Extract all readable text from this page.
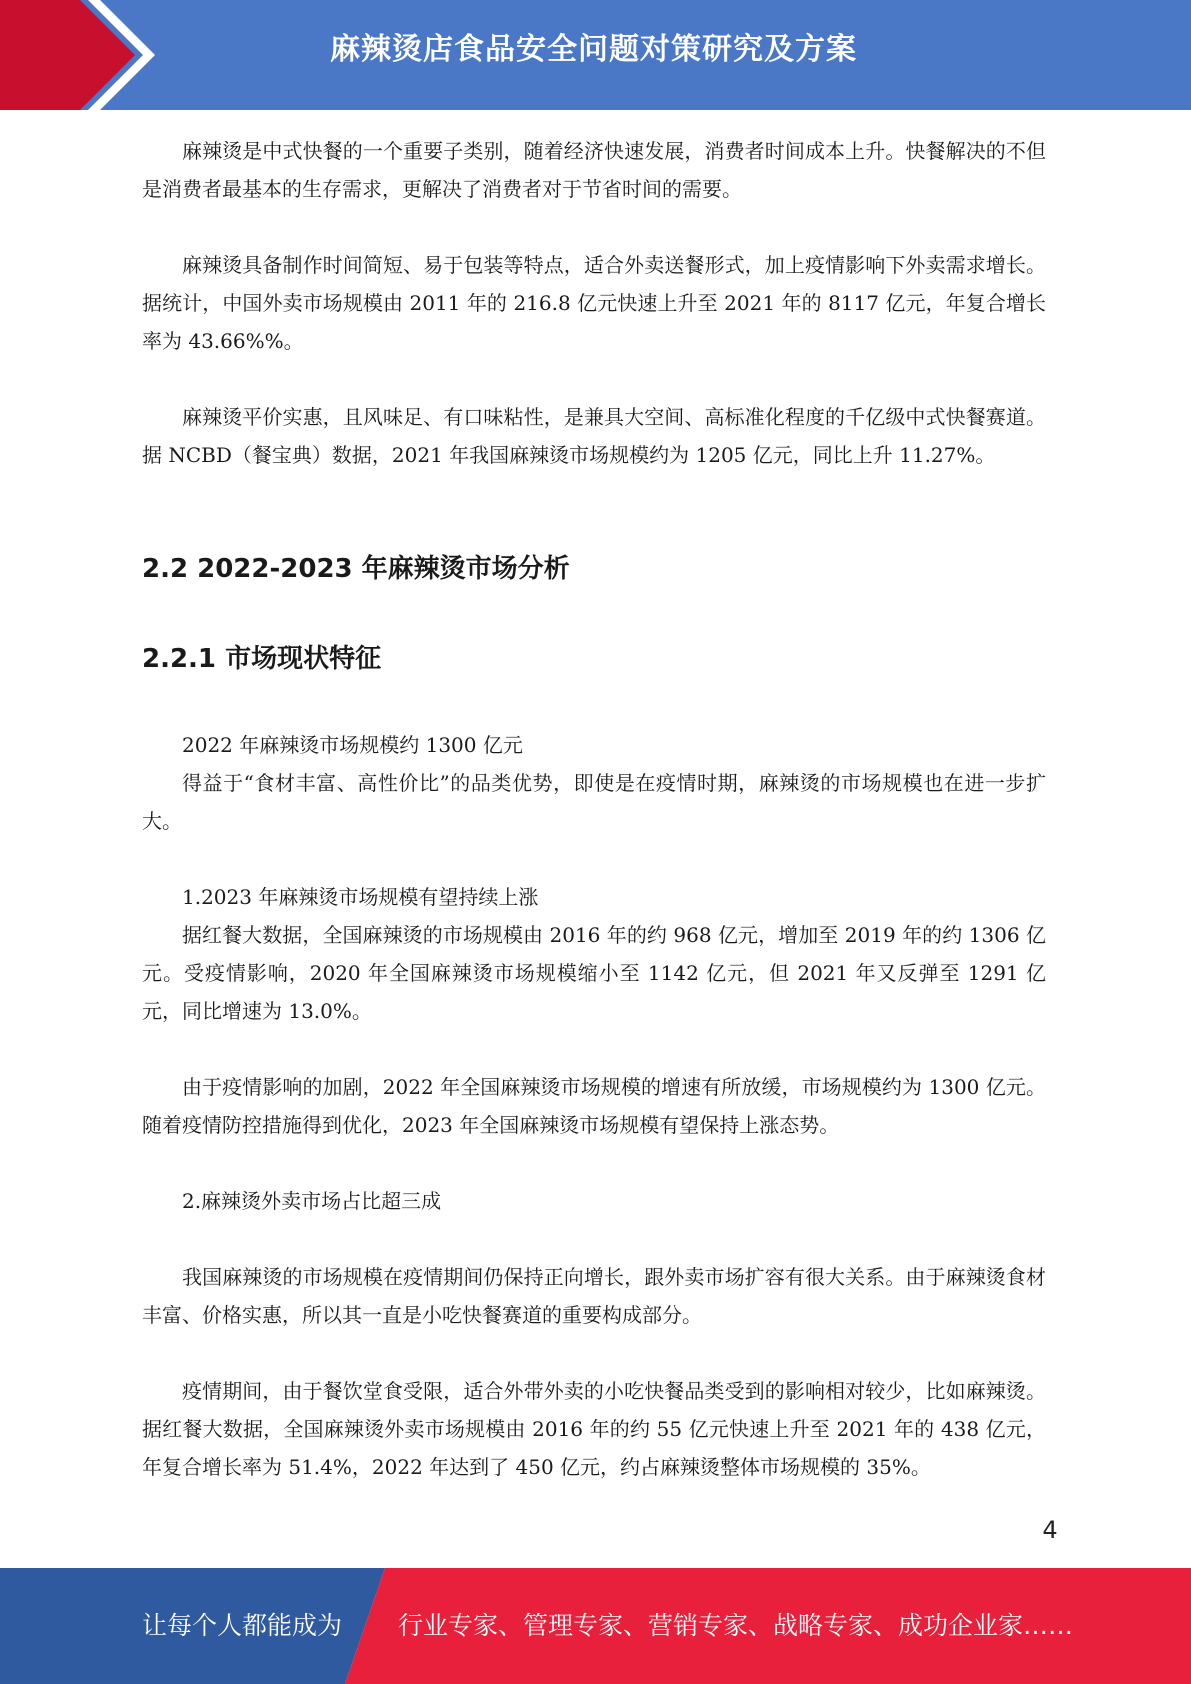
麻辣烫店食品安全问题对策研究及方案

麻辣烫是中式快餐的一个重要子类别，随着经济快速发展，消费者时间成本上升。快餐解决的不但是消费者最基本的生存需求，更解决了消费者对于节省时间的需要。

麻辣烫具备制作时间简短、易于包装等特点，适合外卖送餐形式，加上疫情影响下外卖需求增长。据统计，中国外卖市场规模由 2011 年的 216.8 亿元快速上升至 2021 年的 8117 亿元，年复合增长率为 43.66%%。

麻辣烫平价实惠，且风味足、有口味粘性，是兼具大空间、高标准化程度的千亿级中式快餐赛道。据 NCBD（餐宝典）数据，2021 年我国麻辣烫市场规模约为 1205 亿元，同比上升 11.27%。

2.2 2022-2023 年麻辣烫市场分析
2.2.1 市场现状特征

2022 年麻辣烫市场规模约 1300 亿元

得益于“食材丰富、高性价比”的品类优势，即使是在疫情时期，麻辣烫的市场规模也在进一步扩大。

1.2023 年麻辣烫市场规模有望持续上涨

据红餐大数据，全国麻辣烫的市场规模由 2016 年的约 968 亿元，增加至 2019 年的约 1306 亿元。受疫情影响，2020 年全国麻辣烫市场规模缩小至 1142 亿元，但 2021 年又反弹至 1291 亿元，同比增速为 13.0%。

由于疫情影响的加剧，2022 年全国麻辣烫市场规模的增速有所放缓，市场规模约为 1300 亿元。随着疫情防控措施得到优化，2023 年全国麻辣烫市场规模有望保持上涨态势。

2.麻辣烫外卖市场占比超三成

我国麻辣烫的市场规模在疫情期间仍保持正向增长，跟外卖市场扩容有很大关系。由于麻辣烫食材丰富、价格实惠，所以其一直是小吃快餐赛道的重要构成部分。

疫情期间，由于餐饮堂食受限，适合外带外卖的小吃快餐品类受到的影响相对较少，比如麻辣烫。据红餐大数据，全国麻辣烫外卖市场规模由 2016 年的约 55 亿元快速上升至 2021 年的 438 亿元，年复合增长率为 51.4%，2022 年达到了 450 亿元，约占麻辣烫整体市场规模的 35%。

4
让每个人都能成为 行业专家、管理专家、营销专家、战略专家、成功企业家……
